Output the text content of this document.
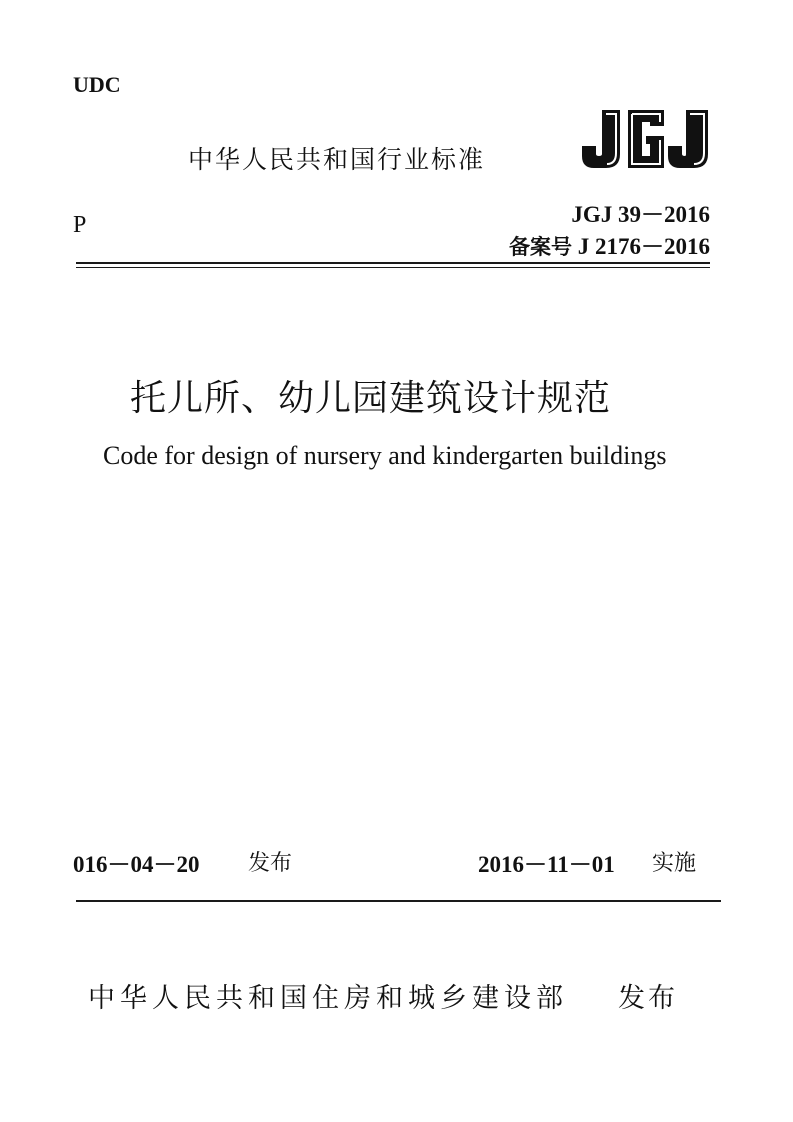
UDC
P
中华人民共和国行业标准
JGJ 39－2016
备案号 J 2176－2016
托儿所、幼儿园建筑设计规范
Code for design of nursery and kindergarten buildings
016－04－20 发布	2016－11－01 实施
中华人民共和国住房和城乡建设部 发布
